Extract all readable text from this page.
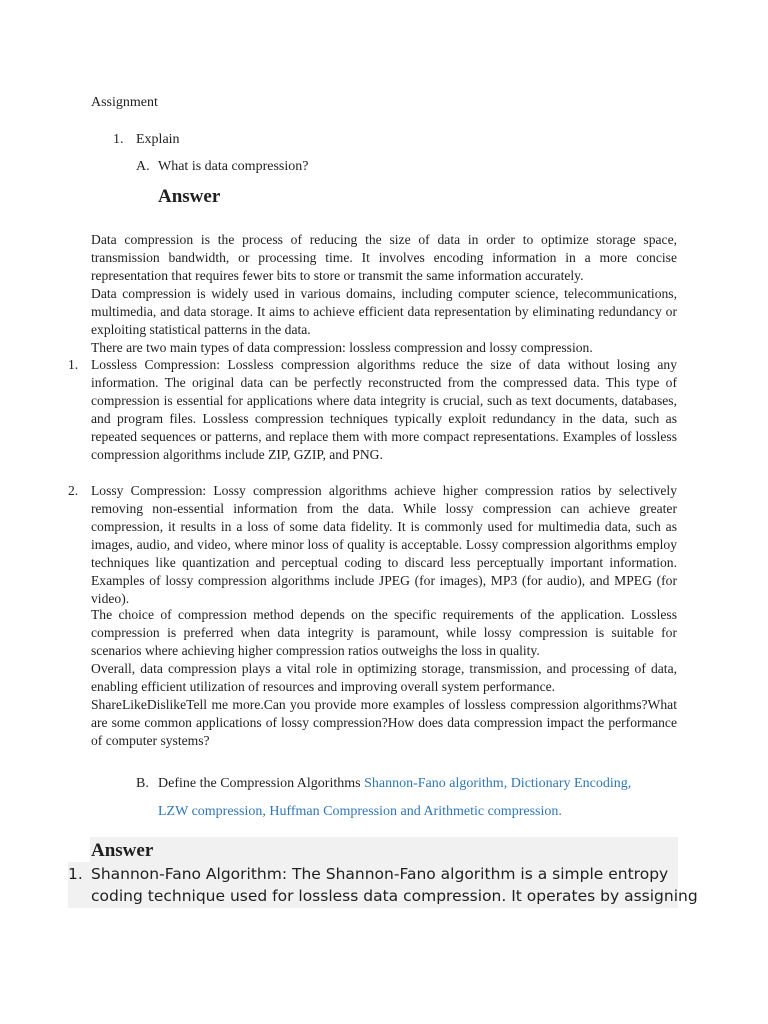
Assignment
1. Explain
A. What is data compression?
Answer
Data compression is the process of reducing the size of data in order to optimize storage space, transmission bandwidth, or processing time. It involves encoding information in a more concise representation that requires fewer bits to store or transmit the same information accurately.
Data compression is widely used in various domains, including computer science, telecommunications, multimedia, and data storage. It aims to achieve efficient data representation by eliminating redundancy or exploiting statistical patterns in the data.
There are two main types of data compression: lossless compression and lossy compression.
1. Lossless Compression: Lossless compression algorithms reduce the size of data without losing any information. The original data can be perfectly reconstructed from the compressed data. This type of compression is essential for applications where data integrity is crucial, such as text documents, databases, and program files. Lossless compression techniques typically exploit redundancy in the data, such as repeated sequences or patterns, and replace them with more compact representations. Examples of lossless compression algorithms include ZIP, GZIP, and PNG.
2. Lossy Compression: Lossy compression algorithms achieve higher compression ratios by selectively removing non-essential information from the data. While lossy compression can achieve greater compression, it results in a loss of some data fidelity. It is commonly used for multimedia data, such as images, audio, and video, where minor loss of quality is acceptable. Lossy compression algorithms employ techniques like quantization and perceptual coding to discard less perceptually important information. Examples of lossy compression algorithms include JPEG (for images), MP3 (for audio), and MPEG (for video).
The choice of compression method depends on the specific requirements of the application. Lossless compression is preferred when data integrity is paramount, while lossy compression is suitable for scenarios where achieving higher compression ratios outweighs the loss in quality.
Overall, data compression plays a vital role in optimizing storage, transmission, and processing of data, enabling efficient utilization of resources and improving overall system performance.
ShareLikeDislikeTell me more.Can you provide more examples of lossless compression algorithms?What are some common applications of lossy compression?How does data compression impact the performance of computer systems?
B. Define the Compression Algorithms Shannon-Fano algorithm, Dictionary Encoding,
LZW compression, Huffman Compression and Arithmetic compression.
Answer
1. Shannon-Fano Algorithm: The Shannon-Fano algorithm is a simple entropy
coding technique used for lossless data compression. It operates by assigning
